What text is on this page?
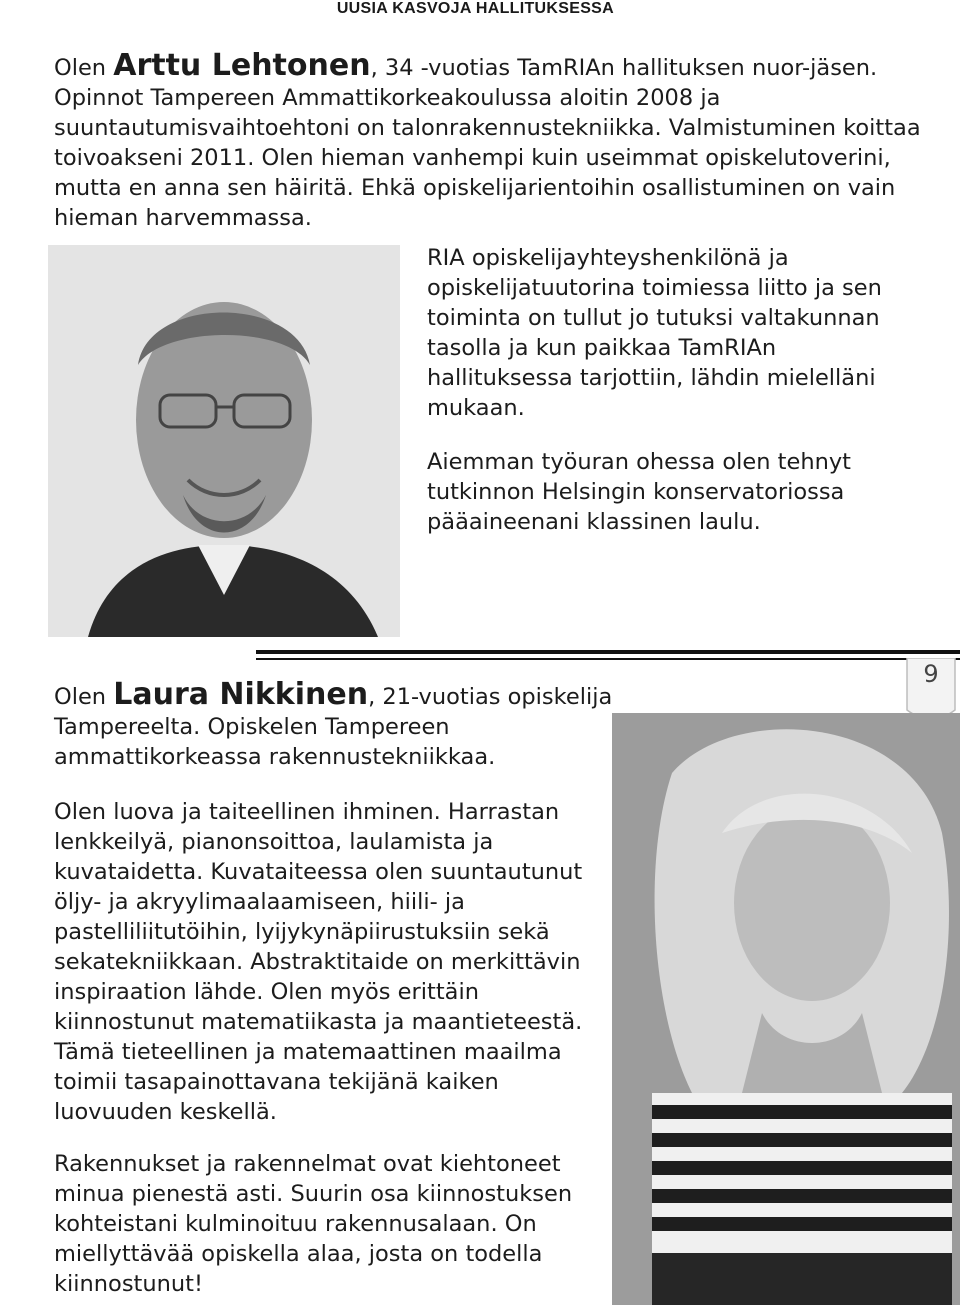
UUSIA KASVOJA HALLITUKSESSA

Olen Arttu Lehtonen, 34 -vuotias TamRIAn hallituksen nuor-jäsen. Opinnot Tampereen Ammattikorkeakoulussa aloitin 2008 ja suuntautumisvaihtoehtoni on talonrakennustekniikka. Valmistuminen koittaa toivoakseni 2011. Olen hieman vanhempi kuin useimmat opiskelutoverini, mutta en anna sen häiritä. Ehkä opiskelijarientoihin osallistuminen on vain hieman harvemmassa.

RIA opiskelijayhteyshenkilönä ja opiskelijatuutorina toimiessa liitto ja sen toiminta on tullut jo tutuksi valtakunnan tasolla ja kun paikkaa TamRIAn hallituksessa tarjottiin, lähdin mielelläni mukaan.

Aiemman työuran ohessa olen tehnyt tutkinnon Helsingin konservatoriossa pääaineenani klassinen laulu.

9

Olen Laura Nikkinen, 21-vuotias opiskelija Tampereelta. Opiskelen Tampereen ammattikorkeassa rakennustekniikkaa.

Olen luova ja taiteellinen ihminen. Harrastan lenkkeilyä, pianonsoittoa, laulamista ja kuvataidetta. Kuvataiteessa olen suuntautunut öljy- ja akryylimaalaamiseen, hiili- ja pastelliliitutöihin, lyijykynäpiirustuksiin sekä sekatekniikkaan. Abstraktitaide on merkittävin inspiraation lähde. Olen myös erittäin kiinnostunut matematiikasta ja maantieteestä. Tämä tieteellinen ja matemaattinen maailma toimii tasapainottavana tekijänä kaiken luovuuden keskellä.

Rakennukset ja rakennelmat ovat kiehtoneet minua pienestä asti. Suurin osa kiinnostuksen kohteistani kulminoituu rakennusalaan. On miellyttävää opiskella alaa, josta on todella kiinnostunut!
